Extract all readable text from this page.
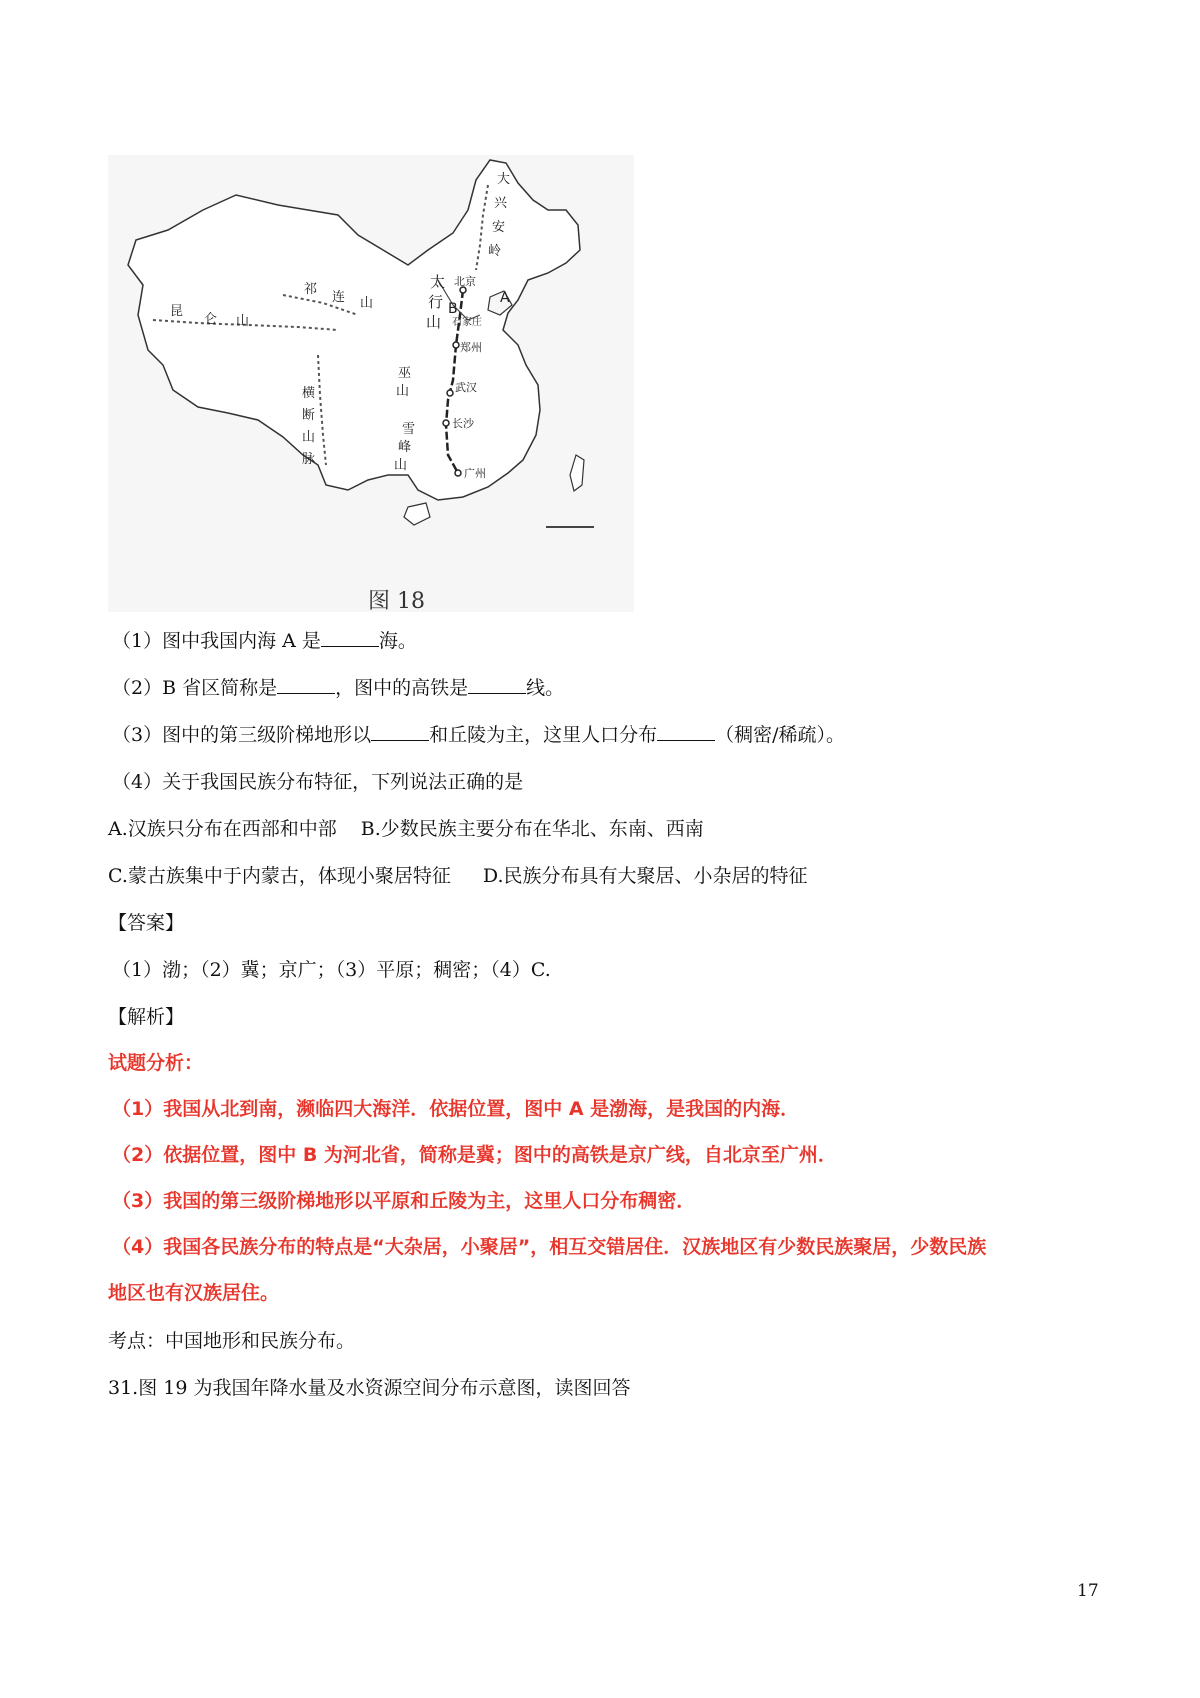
大
兴
安
岭
北京
太
行
山
B
A
石家庄
郑州
祁
连 山
昆
仑 山
巫
山	武汉
长沙
横
断
山
脉
雪
峰
山
广州
图 18
（1）图中我国内海 A 是	海。
（2）B 省区简称是	，图中的高铁是	线。
（3）图中的第三级阶梯地形以	和丘陵为主，这里人口分布	（稠密/稀疏）。
（4）关于我国民族分布特征，下列说法正确的是
A.汉族只分布在西部和中部 B.少数民族主要分布在华北、东南、西南
C.蒙古族集中于内蒙古，体现小聚居特征 D.民族分布具有大聚居、小杂居的特征
【答案】
（1）渤；（2）冀；京广；（3）平原；稠密；（4）C.
【解析】
试题分析：
（1）我国从北到南，濒临四大海洋．依据位置，图中 A 是渤海，是我国的内海．
（2）依据位置，图中 B 为河北省，简称是冀；图中的高铁是京广线，自北京至广州．
（3）我国的第三级阶梯地形以平原和丘陵为主，这里人口分布稠密．
（4）我国各民族分布的特点是“大杂居，小聚居”，相互交错居住．汉族地区有少数民族聚居，少数民族
地区也有汉族居住。
考点：中国地形和民族分布。
31.图 19 为我国年降水量及水资源空间分布示意图，读图回答
17
